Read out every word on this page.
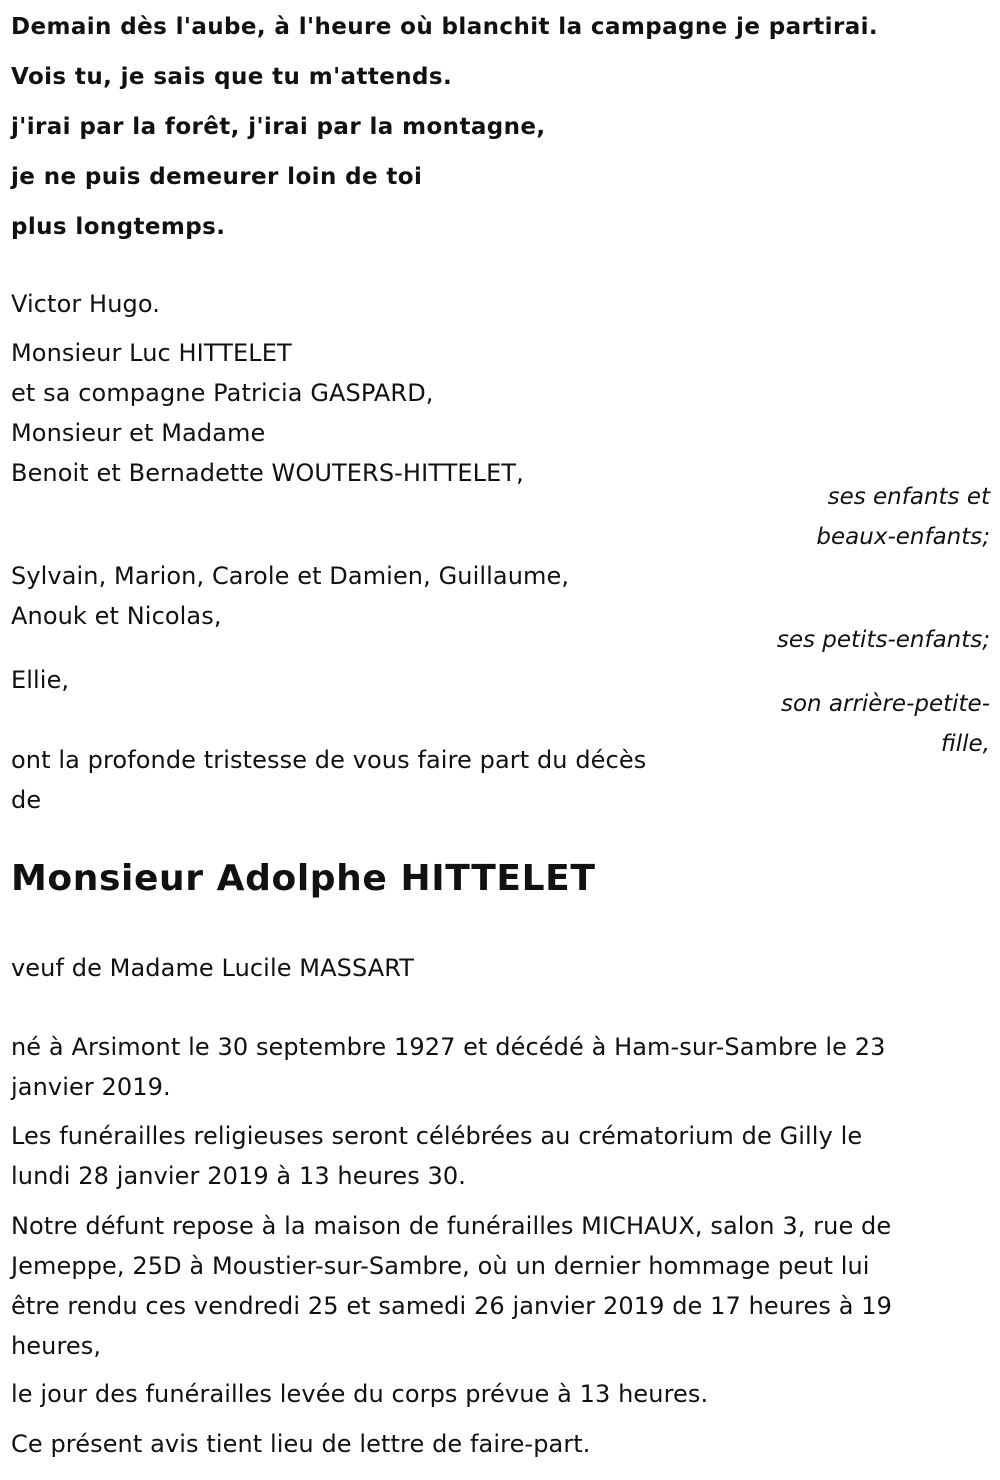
Demain dès l'aube, à l'heure où blanchit la campagne je partirai.
Vois tu, je sais que tu m'attends.
j'irai par la forêt, j'irai par la montagne,
je ne puis demeurer loin de toi
plus longtemps.
Victor Hugo.
Monsieur Luc HITTELET
et sa compagne Patricia GASPARD,
Monsieur et Madame
Benoit et Bernadette WOUTERS-HITTELET,
ses enfants et
beaux-enfants;
Sylvain, Marion, Carole et Damien, Guillaume,
Anouk et Nicolas,
ses petits-enfants;
Ellie,
son arrière-petite-
fille,
ont la profonde tristesse de vous faire part du décès
de
Monsieur Adolphe HITTELET
veuf de Madame Lucile MASSART
né à Arsimont le 30 septembre 1927 et décédé à Ham-sur-Sambre le 23
janvier 2019.
Les funérailles religieuses seront célébrées au crématorium de Gilly le
lundi 28 janvier 2019 à 13 heures 30.
Notre défunt repose à la maison de funérailles MICHAUX, salon 3, rue de
Jemeppe, 25D à Moustier-sur-Sambre, où un dernier hommage peut lui
être rendu ces vendredi 25 et samedi 26 janvier 2019 de 17 heures à 19
heures,
le jour des funérailles levée du corps prévue à 13 heures.
Ce présent avis tient lieu de lettre de faire-part.
